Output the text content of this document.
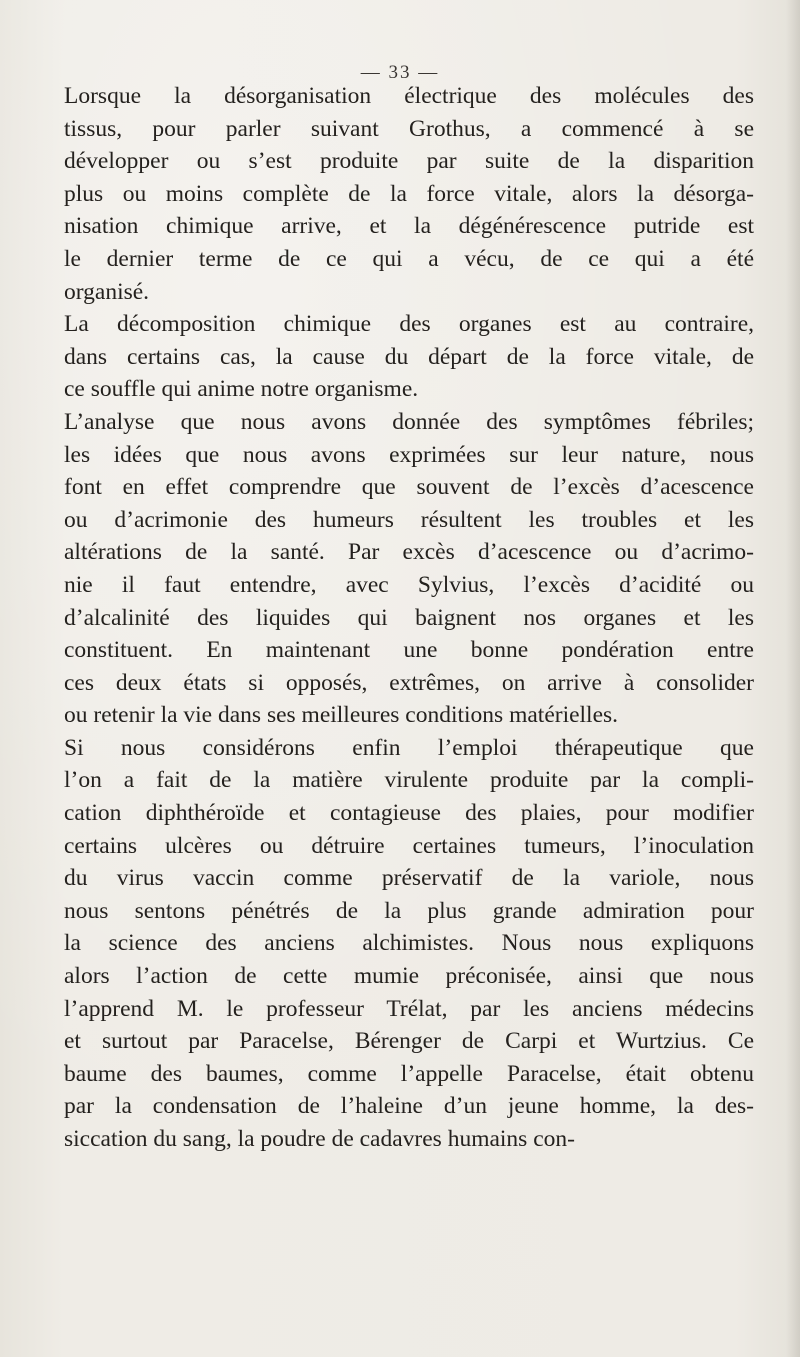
— 33 —

Lorsque la désorganisation électrique des molécules des
tissus, pour parler suivant Grothus, a commencé à se
développer ou s’est produite par suite de la disparition
plus ou moins complète de la force vitale, alors la désorga-
nisation chimique arrive, et la dégénérescence putride est
le dernier terme de ce qui a vécu, de ce qui a été
organisé.

La décomposition chimique des organes est au contraire,
dans certains cas, la cause du départ de la force vitale, de
ce souffle qui anime notre organisme.

L’analyse que nous avons donnée des symptômes fébriles;
les idées que nous avons exprimées sur leur nature, nous
font en effet comprendre que souvent de l’excès d’acescence
ou d’acrimonie des humeurs résultent les troubles et les
altérations de la santé. Par excès d’acescence ou d’acrimo-
nie il faut entendre, avec Sylvius, l’excès d’acidité ou
d’alcalinité des liquides qui baignent nos organes et les
constituent. En maintenant une bonne pondération entre
ces deux états si opposés, extrêmes, on arrive à consolider
ou retenir la vie dans ses meilleures conditions matérielles.

Si nous considérons enfin l’emploi thérapeutique que
l’on a fait de la matière virulente produite par la compli-
cation diphthéroïde et contagieuse des plaies, pour modifier
certains ulcères ou détruire certaines tumeurs, l’inoculation
du virus vaccin comme préservatif de la variole, nous
nous sentons pénétrés de la plus grande admiration pour
la science des anciens alchimistes. Nous nous expliquons
alors l’action de cette mumie préconisée, ainsi que nous
l’apprend M. le professeur Trélat, par les anciens médecins
et surtout par Paracelse, Bérenger de Carpi et Wurtzius. Ce
baume des baumes, comme l’appelle Paracelse, était obtenu
par la condensation de l’haleine d’un jeune homme, la des-
siccation du sang, la poudre de cadavres humains con-
